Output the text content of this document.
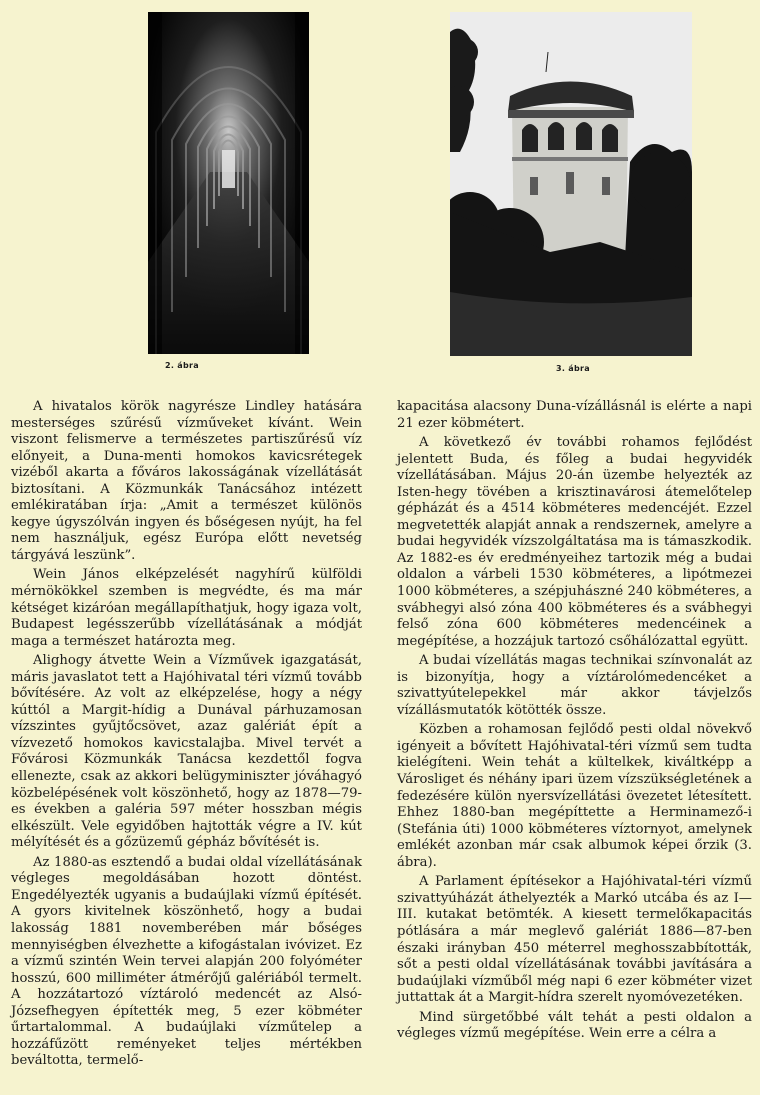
2. ábra	3. ábra

A hivatalos körök nagyrésze Lindley hatására mesterséges szűrésű vízműveket kívánt. Wein viszont felismerve a természetes partiszűrésű víz előnyeit, a Duna-menti homokos kavicsrétegek vizéből akarta a főváros lakosságának vízellátását biztosítani. A Közmunkák Tanácsához intézett emlékiratában írja: „Amit a természet különös kegye úgyszólván ingyen és bőségesen nyújt, ha fel nem használjuk, egész Európa előtt nevetség tárgyává leszünk”.

Wein János elképzelését nagyhírű külföldi mérnökökkel szemben is megvédte, és ma már kétséget kizáróan megállapíthatjuk, hogy igaza volt, Budapest legésszerűbb vízellátásának a módját maga a természet határozta meg.

Alighogy átvette Wein a Vízművek igazgatását, máris javaslatot tett a Hajóhivatal téri vízmű tovább bővítésére. Az volt az elképzelése, hogy a négy kúttól a Margit-hídig a Dunával párhuzamosan vízszintes gyűjtőcsövet, azaz galériát épít a vízvezető homokos kavicstalajba. Mivel tervét a Fővárosi Közmunkák Tanácsa kezdettől fogva ellenezte, csak az akkori belügyminiszter jóváhagyó közbelépésének volt köszönhető, hogy az 1878—79-es években a galéria 597 méter hosszban mégis elkészült. Vele egyidőben hajtották végre a IV. kút mélyítését és a gőzüzemű gépház bővítését is.

Az 1880-as esztendő a budai oldal vízellátásának végleges megoldásában hozott döntést. Engedélyezték ugyanis a budaújlaki vízmű építését. A gyors kivitelnek köszönhető, hogy a budai lakosság 1881 novemberében már bőséges mennyiségben élvezhette a kifogástalan ivóvizet. Ez a vízmű szintén Wein tervei alapján 200 folyóméter hosszú, 600 milliméter átmérőjű galériából termelt. A hozzátartozó víztároló medencét az Alsó-Józsefhegyen építették meg, 5 ezer köbméter űrtartalommal. A budaújlaki vízműtelep a hozzáfűzött reményeket teljes mértékben beváltotta, termelő-

kapacitása alacsony Duna-vízállásnál is elérte a napi 21 ezer köbmétert.

A következő év további rohamos fejlődést jelentett Buda, és főleg a budai hegyvidék vízellátásában. Május 20-án üzembe helyezték az Isten-hegy tövében a krisztinavárosi átemelőtelep gépházát és a 4514 köbméteres medencéjét. Ezzel megvetették alapját annak a rendszernek, amelyre a budai hegyvidék vízszolgáltatása ma is támaszkodik. Az 1882-es év eredményeihez tartozik még a budai oldalon a várbeli 1530 köbméteres, a lipótmezei 1000 köbméteres, a szépjuhászné 240 köbméteres, a svábhegyi alsó zóna 400 köbméteres és a svábhegyi felső zóna 600 köbméteres medencéinek a megépítése, a hozzájuk tartozó csőhálózattal együtt.

A budai vízellátás magas technikai színvonalát az is bizonyítja, hogy a víztárolómedencéket a szivattyútelepekkel már akkor távjelzős vízállásmutatók kötötték össze.

Közben a rohamosan fejlődő pesti oldal növekvő igényeit a bővített Hajóhivatal-téri vízmű sem tudta kielégíteni. Wein tehát a kültelkek, kiváltképp a Városliget és néhány ipari üzem vízszükségletének a fedezésére külön nyersvízellátási övezetet létesített. Ehhez 1880-ban megépíttette a Herminamező-i (Stefánia úti) 1000 köbméteres víztornyot, amelynek emlékét azonban már csak albumok képei őrzik (3. ábra).

A Parlament építésekor a Hajóhivatal-téri vízmű szivattyúházát áthelyezték a Markó utcába és az I—III. kutakat betömték. A kiesett termelőkapacitás pótlására a már meglevő galériát 1886—87-ben északi irányban 450 méterrel meghosszabbították, sőt a pesti oldal vízellátásának további javítására a budaújlaki vízműből még napi 6 ezer köbméter vizet juttattak át a Margit-hídra szerelt nyomóvezetéken.

Mind sürgetőbbé vált tehát a pesti oldalon a végleges vízmű megépítése. Wein erre a célra a
